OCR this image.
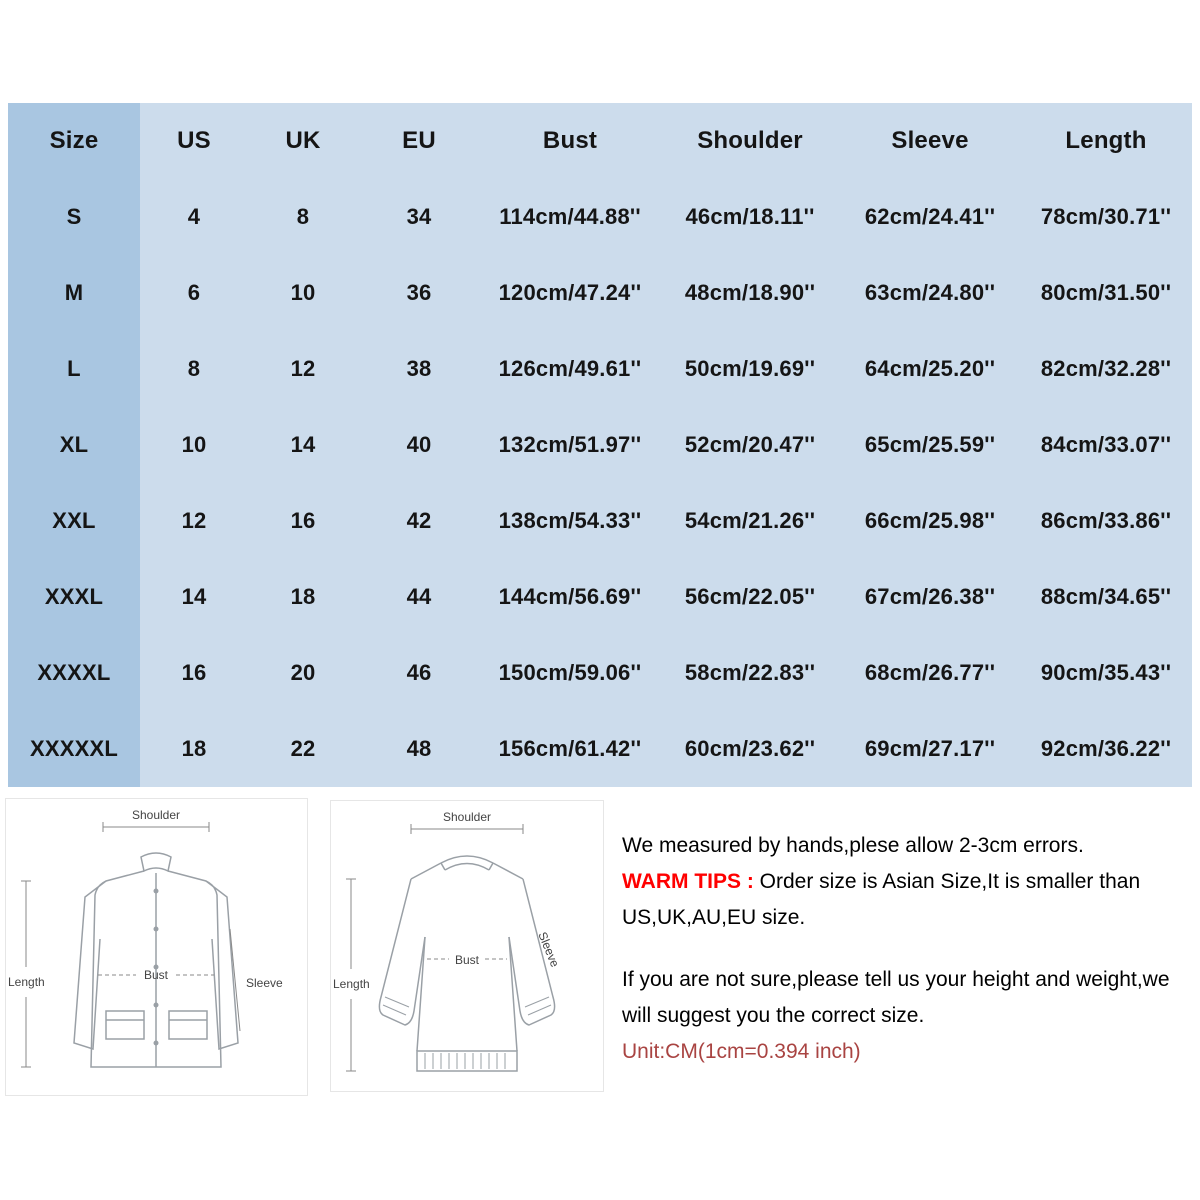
Size	US	UK	EU	Bust	Shoulder	Sleeve	Length
S	4	8	34	114cm/44.88''	46cm/18.11''	62cm/24.41''	78cm/30.71''
M	6	10	36	120cm/47.24''	48cm/18.90''	63cm/24.80''	80cm/31.50''
L	8	12	38	126cm/49.61''	50cm/19.69''	64cm/25.20''	82cm/32.28''
XL	10	14	40	132cm/51.97''	52cm/20.47''	65cm/25.59''	84cm/33.07''
XXL	12	16	42	138cm/54.33''	54cm/21.26''	66cm/25.98''	86cm/33.86''
XXXL	14	18	44	144cm/56.69''	56cm/22.05''	67cm/26.38''	88cm/34.65''
XXXXL	16	20	46	150cm/59.06''	58cm/22.83''	68cm/26.77''	90cm/35.43''
XXXXXL	18	22	48	156cm/61.42''	60cm/23.62''	69cm/27.17''	92cm/36.22''
Shoulder
Length	Bust
Sleeve
Shoulder
Length
Bust	Sleeve
We measured by hands,plese allow 2-3cm errors.
WARM TIPS : Order size is Asian Size,It is smaller than US,UK,AU,EU size.
If you are not sure,please tell us your height and weight,we will suggest you the correct size.
Unit:CM(1cm=0.394 inch)
